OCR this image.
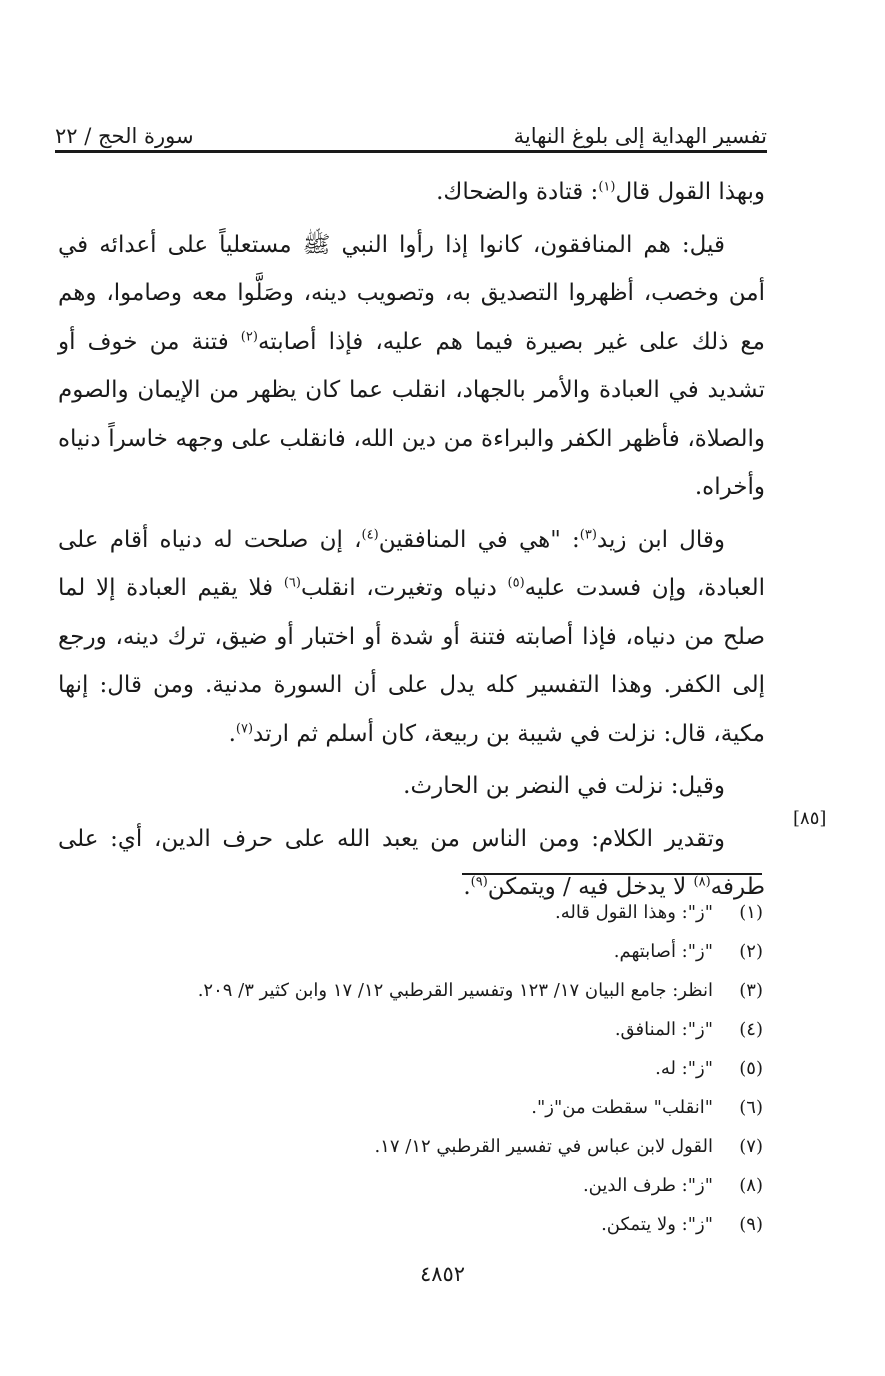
تفسير الهداية إلى بلوغ النهاية
سورة الحج / ٢٢

وبهذا القول قال$^{(١)}$: قتادة والضحاك.

قيل: هم المنافقون، كانوا إذا رأوا النبي ﷺ مستعلياً على أعدائه في أمن وخصب، أظهروا التصديق به، وتصويب دينه، وصَلَّوا معه وصاموا، وهم مع ذلك على غير بصيرة فيما هم عليه، فإذا أصابته$^{(٢)}$ فتنة من خوف أو تشديد في العبادة والأمر بالجهاد، انقلب عما كان يظهر من الإيمان والصوم والصلاة، فأظهر الكفر والبراءة من دين الله، فانقلب على وجهه خاسراً دنياه وأخراه.

وقال ابن زيد$^{(٣)}$: "هي في المنافقين$^{(٤)}$، إن صلحت له دنياه أقام على العبادة، وإن فسدت عليه$^{(٥)}$ دنياه وتغيرت، انقلب$^{(٦)}$ فلا يقيم العبادة إلا لما صلح من دنياه، فإذا أصابته فتنة أو شدة أو اختبار أو ضيق، ترك دينه، ورجع إلى الكفر. وهذا التفسير كله يدل على أن السورة مدنية. ومن قال: إنها مكية، قال: نزلت في شيبة بن ربيعة، كان أسلم ثم ارتد$^{(٧)}$.

وقيل: نزلت في النضر بن الحارث.

وتقدير الكلام: ومن الناس من يعبد الله على حرف الدين، أي: على طرفه$^{(٨)}$ لا يدخل فيه / ويتمكن$^{(٩)}$.

[٨٥]
(١)
"ز": وهذا القول قاله.
(٢)
"ز": أصابتهم.
(٣)
انظر: جامع البيان ١٧/ ١٢٣ وتفسير القرطبي ١٢/ ١٧ وابن كثير ٣/ ٢٠٩.
(٤)
"ز": المنافق.
(٥)
"ز": له.
(٦)
"انقلب" سقطت من"ز".
(٧)
القول لابن عباس في تفسير القرطبي ١٢/ ١٧.
(٨)
"ز": طرف الدين.
(٩)
"ز": ولا يتمكن.
٤٨٥٢
